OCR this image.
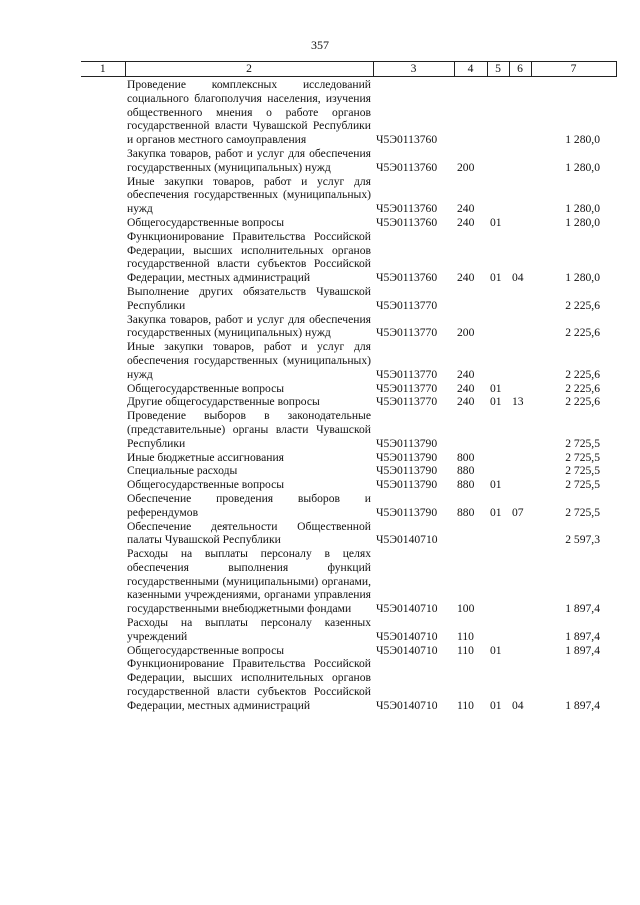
357
1	2	3	4	5	6	7
	Проведение комплексных исследований социального благополучия населения, изучения общественного мнения о работе органов государственной власти Чувашской Республики и органов местного самоуправления	Ч5Э0113760				1 280,0
	Закупка товаров, работ и услуг для обеспечения государственных (муниципальных) нужд	Ч5Э0113760	200			1 280,0
	Иные закупки товаров, работ и услуг для обеспечения государственных (муниципальных) нужд	Ч5Э0113760	240			1 280,0
	Общегосударственные вопросы	Ч5Э0113760	240	01		1 280,0
	Функционирование Правительства Российской Федерации, высших исполнительных органов государственной власти субъектов Российской Федерации, местных администраций	Ч5Э0113760	240	01	04	1 280,0
	Выполнение других обязательств Чувашской Республики	Ч5Э0113770				2 225,6
	Закупка товаров, работ и услуг для обеспечения государственных (муниципальных) нужд	Ч5Э0113770	200			2 225,6
	Иные закупки товаров, работ и услуг для обеспечения государственных (муниципальных) нужд	Ч5Э0113770	240			2 225,6
	Общегосударственные вопросы	Ч5Э0113770	240	01		2 225,6
	Другие общегосударственные вопросы	Ч5Э0113770	240	01	13	2 225,6
	Проведение выборов в законодательные (представительные) органы власти Чувашской Республики	Ч5Э0113790				2 725,5
	Иные бюджетные ассигнования	Ч5Э0113790	800			2 725,5
	Специальные расходы	Ч5Э0113790	880			2 725,5
	Общегосударственные вопросы	Ч5Э0113790	880	01		2 725,5
	Обеспечение проведения выборов и референдумов	Ч5Э0113790	880	01	07	2 725,5
	Обеспечение деятельности Общественной палаты Чувашской Республики	Ч5Э0140710				2 597,3
	Расходы на выплаты персоналу в целях обеспечения выполнения функций государственными (муниципальными) органами, казенными учреждениями, органами управления государственными внебюджетными фондами	Ч5Э0140710	100			1 897,4
	Расходы на выплаты персоналу казенных учреждений	Ч5Э0140710	110			1 897,4
	Общегосударственные вопросы	Ч5Э0140710	110	01		1 897,4
	Функционирование Правительства Российской Федерации, высших исполнительных органов государственной власти субъектов Российской Федерации, местных администраций	Ч5Э0140710	110	01	04	1 897,4
